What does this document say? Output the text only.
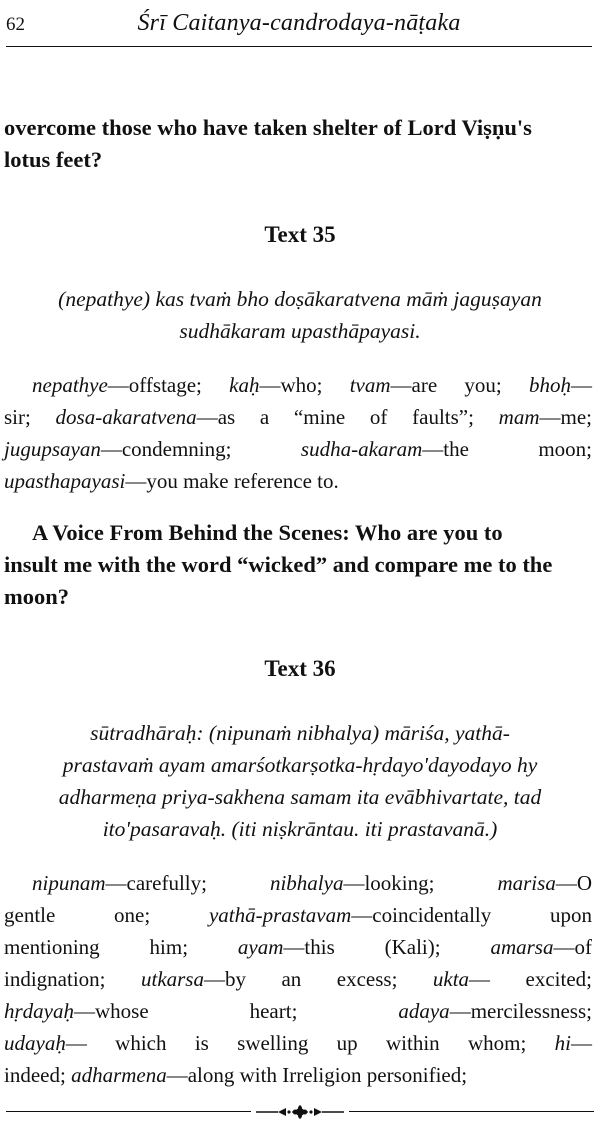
62	Śrī Caitanya-candrodaya-nāṭaka
overcome those who have taken shelter of Lord Viṣṇu's
lotus feet?
Text 35
(nepathye) kas tvaṁ bho doṣākaratvena māṁ jaguṣayan
sudhākaram upasthāpayasi.
nepathye—offstage; kaḥ—who; tvam—are you; bhoḥ—
sir; dosa-akaratvena—as a “mine of faults”; mam—me;
jugupsayan—condemning; sudha-akaram—the moon;
upasthapayasi—you make reference to.
A Voice From Behind the Scenes: Who are you to
insult me with the word “wicked” and compare me to the
moon?
Text 36
sūtradhāraḥ: (nipunaṁ nibhalya) māriśa, yathā-
prastavaṁ ayam amarśotkarṣotka-hṛdayo'dayodayo hy
adharmeṇa priya-sakhena samam ita evābhivartate, tad
ito'pasaravaḥ. (iti niṣkrāntau. iti prastavanā.)
nipunam—carefully; nibhalya—looking; marisa—O
gentle one; yathā-prastavam—coincidentally upon
mentioning him; ayam—this (Kali); amarsa—of
indignation; utkarsa—by an excess; ukta— excited;
hṛdayaḥ—whose heart; adaya—mercilessness;
udayaḥ— which is swelling up within whom; hi—
indeed; adharmena—along with Irreligion personified;
